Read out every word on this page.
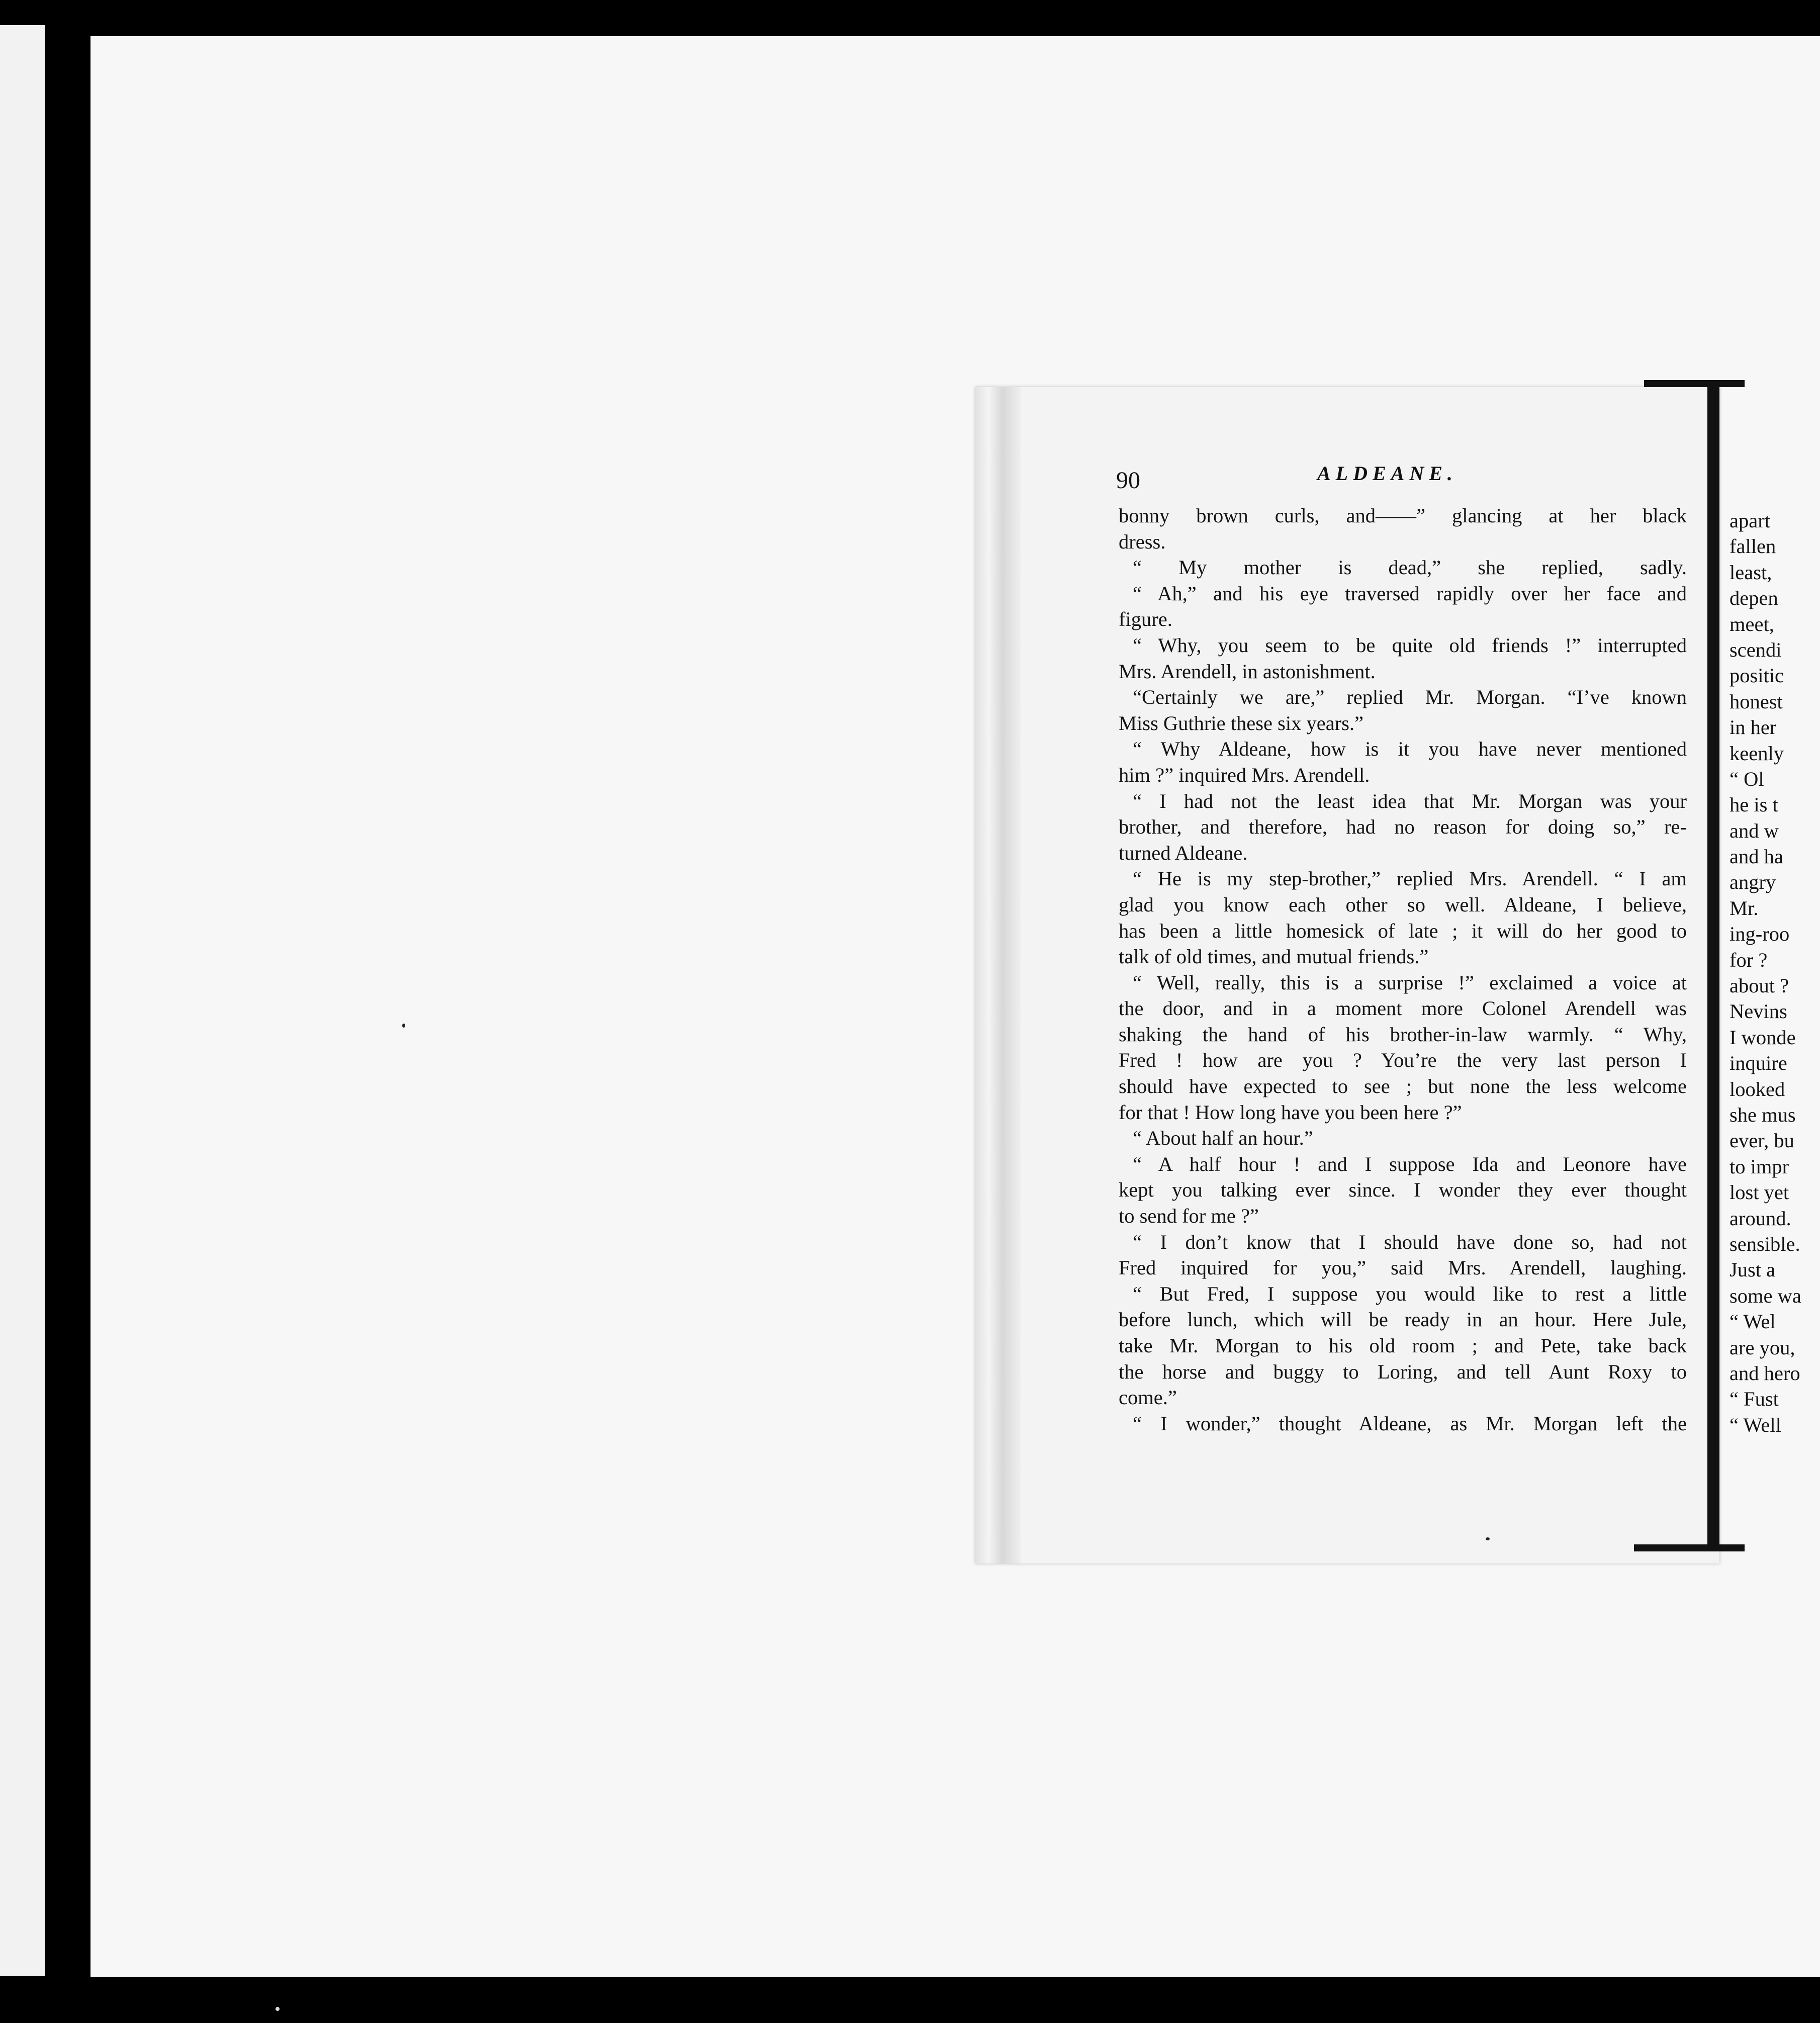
90	ALDEANE.
bonny brown curls, and——” glancing at her black
dress.
“ My mother is dead,” she replied, sadly.
“ Ah,” and his eye traversed rapidly over her face and
figure.
“ Why, you seem to be quite old friends !” interrupted
Mrs. Arendell, in astonishment.
“Certainly we are,” replied Mr. Morgan. “I’ve known
Miss Guthrie these six years.”
“ Why Aldeane, how is it you have never mentioned
him ?” inquired Mrs. Arendell.
“ I had not the least idea that Mr. Morgan was your
brother, and therefore, had no reason for doing so,” re-
turned Aldeane.
“ He is my step-brother,” replied Mrs. Arendell. “ I am
glad you know each other so well. Aldeane, I believe,
has been a little homesick of late ; it will do her good to
talk of old times, and mutual friends.”
“ Well, really, this is a surprise !” exclaimed a voice at
the door, and in a moment more Colonel Arendell was
shaking the hand of his brother-in-law warmly. “ Why,
Fred ! how are you ? You’re the very last person I
should have expected to see ; but none the less welcome
for that ! How long have you been here ?”
“ About half an hour.”
“ A half hour ! and I suppose Ida and Leonore have
kept you talking ever since. I wonder they ever thought
to send for me ?”
“ I don’t know that I should have done so, had not
Fred inquired for you,” said Mrs. Arendell, laughing.
“ But Fred, I suppose you would like to rest a little
before lunch, which will be ready in an hour. Here Jule,
take Mr. Morgan to his old room ; and Pete, take back
the horse and buggy to Loring, and tell Aunt Roxy to
come.”
“ I wonder,” thought Aldeane, as Mr. Morgan left the
apart
fallen
least,
depen
meet,
scendi
positic
honest
in her
keenly
“ Ol
he is t
and w
and ha
angry
Mr.
ing-roo
for ?
about ?
Nevins
I wonde
inquire
looked
she mus
ever, bu
to impr
lost yet
around.
sensible.
Just a
some wa
“ Wel
are you,
and hero
“ Fust
“ Well
